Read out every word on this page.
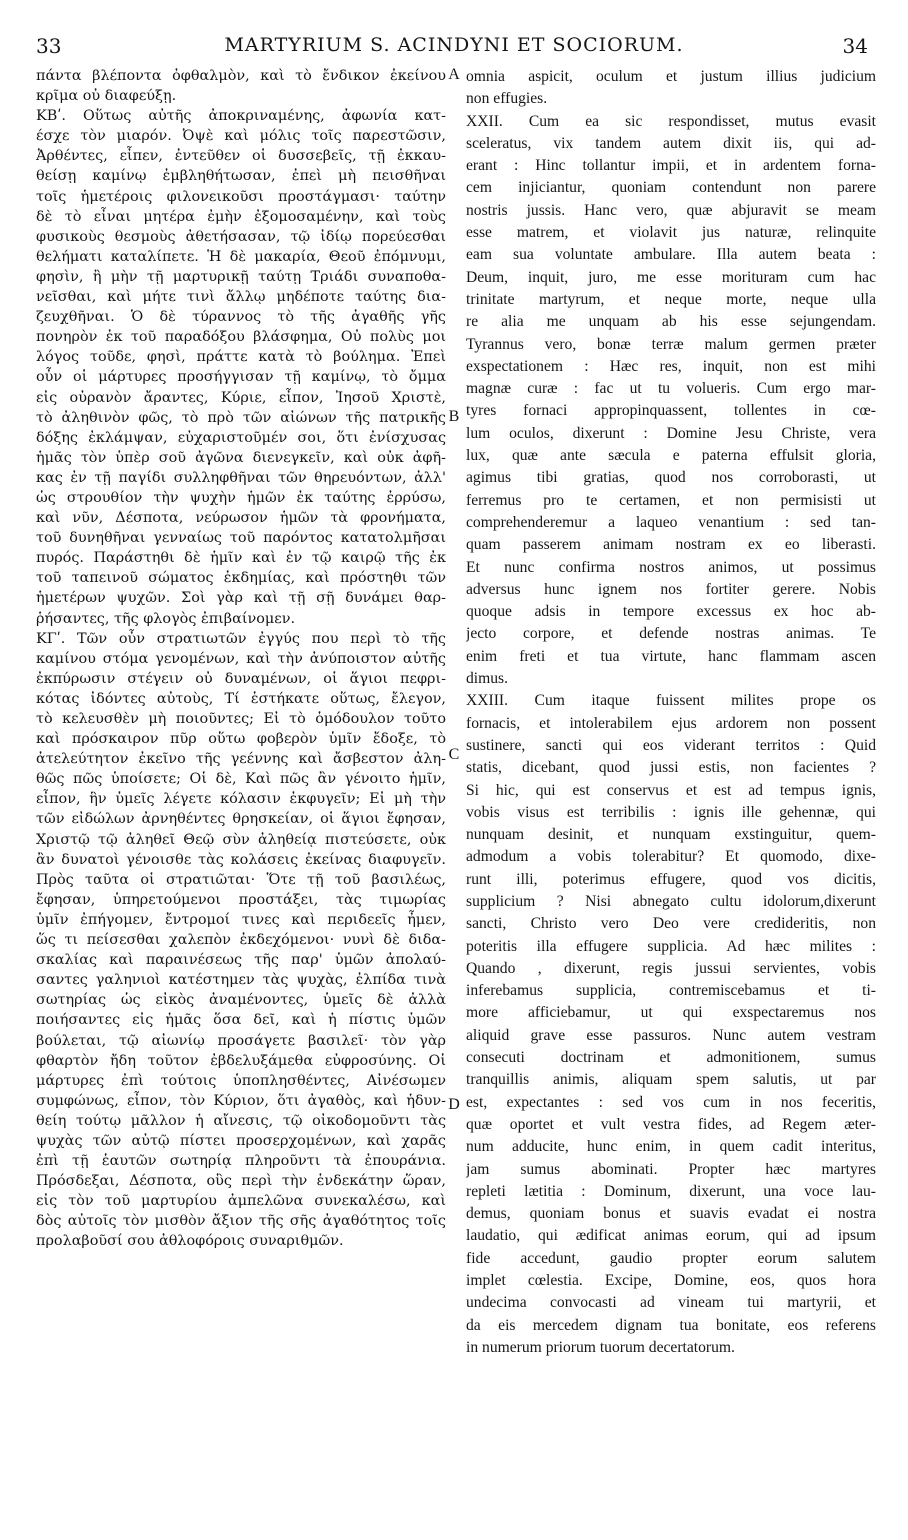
33	MARTYRIUM S. ACINDYNI ET SOCIORUM.	34
πάντα βλέποντα ὀφθαλμὸν, καὶ τὸ ἔνδικον ἐκείνου
κρῖμα οὐ διαφεύξῃ.
ΚΒʹ. Οὕτως αὐτῆς ἀποκριναμένης, ἀφωνία κατ-
έσχε τὸν μιαρόν. Ὀψὲ καὶ μόλις τοῖς παρεστῶσιν,
Ἀρθέντες, εἶπεν, ἐντεῦθεν οἱ δυσσεβεῖς, τῇ ἐκκαυ-
θείσῃ καμίνῳ ἐμβληθήτωσαν, ἐπεὶ μὴ πεισθῆναι
τοῖς ἡμετέροις φιλονεικοῦσι προστάγμασι· ταύτην
δὲ τὸ εἶναι μητέρα ἐμὴν ἐξομοσαμένην, καὶ τοὺς
φυσικοὺς θεσμοὺς ἀθετήσασαν, τῷ ἰδίῳ πορεύεσθαι
θελήματι καταλίπετε. Ἡ δὲ μακαρία, Θεοῦ ἐπόμνυμι,
φησὶν, ἢ μὴν τῇ μαρτυρικῇ ταύτῃ Τριάδι συναποθα-
νεῖσθαι, καὶ μήτε τινὶ ἄλλῳ μηδέποτε ταύτης δια-
ζευχθῆναι. Ὁ δὲ τύραννος τὸ τῆς ἀγαθῆς γῆς
πονηρὸν ἐκ τοῦ παραδόξου βλάσφημα, Οὐ πολὺς μοι
λόγος τοῦδε, φησὶ, πράττε κατὰ τὸ βούλημα. Ἐπεὶ
οὖν οἱ μάρτυρες προσήγγισαν τῇ καμίνῳ, τὸ ὄμμα
εἰς οὐρανὸν ἄραντες, Κύριε, εἶπον, Ἰησοῦ Χριστὲ,
τὸ ἀληθινὸν φῶς, τὸ πρὸ τῶν αἰώνων τῆς πατρικῆς
δόξης ἐκλάμψαν, εὐχαριστοῦμέν σοι, ὅτι ἐνίσχυσας
ἡμᾶς τὸν ὑπὲρ σοῦ ἀγῶνα διενεγκεῖν, καὶ οὐκ ἀφῆ-
κας ἐν τῇ παγίδι συλληφθῆναι τῶν θηρευόντων, ἀλλ'
ὡς στρουθίον τὴν ψυχὴν ἡμῶν ἐκ ταύτης ἐρρύσω,
καὶ νῦν, Δέσποτα, νεύρωσον ἡμῶν τὰ φρονήματα,
τοῦ δυνηθῆναι γενναίως τοῦ παρόντος κατατολμῆσαι
πυρός. Παράστηθι δὲ ἡμῖν καὶ ἐν τῷ καιρῷ τῆς ἐκ
τοῦ ταπεινοῦ σώματος ἐκδημίας, καὶ πρόστηθι τῶν
ἡμετέρων ψυχῶν. Σοὶ γὰρ καὶ τῇ σῇ δυνάμει θαρ-
ῥήσαντες, τῆς φλογὸς ἐπιβαίνομεν.
ΚΓʹ. Τῶν οὖν στρατιωτῶν ἐγγύς που περὶ τὸ τῆς
καμίνου στόμα γενομένων, καὶ τὴν ἀνύποιστον αὐτῆς
ἐκπύρωσιν στέγειν οὐ δυναμένων, οἱ ἅγιοι πεφρι-
κότας ἰδόντες αὐτοὺς, Τί ἑστήκατε οὕτως, ἔλεγον,
τὸ κελευσθὲν μὴ ποιοῦντες; Εἰ τὸ ὁμόδουλον τοῦτο
καὶ πρόσκαιρον πῦρ οὕτω φοβερὸν ὑμῖν ἔδοξε, τὸ
ἀτελεύτητον ἐκεῖνο τῆς γεέννης καὶ ἄσβεστον ἀλη-
θῶς πῶς ὑποίσετε; Οἱ δὲ, Καὶ πῶς ἂν γένοιτο ἡμῖν,
εἶπον, ἣν ὑμεῖς λέγετε κόλασιν ἐκφυγεῖν; Εἰ μὴ τὴν
τῶν εἰδώλων ἀρνηθέντες θρησκείαν, οἱ ἅγιοι ἔφησαν,
Χριστῷ τῷ ἀληθεῖ Θεῷ σὺν ἀληθείᾳ πιστεύσετε, οὐκ
ἂν δυνατοὶ γένοισθε τὰς κολάσεις ἐκείνας διαφυγεῖν.
Πρὸς ταῦτα οἱ στρατιῶται· Ὅτε τῇ τοῦ βασιλέως,
ἔφησαν, ὑπηρετούμενοι προστάξει, τὰς τιμωρίας
ὑμῖν ἐπήγομεν, ἔντρομοί τινες καὶ περιδεεῖς ἦμεν,
ὥς τι πείσεσθαι χαλεπὸν ἐκδεχόμενοι· νυνὶ δὲ διδα-
σκαλίας καὶ παραινέσεως τῆς παρ' ὑμῶν ἀπολαύ-
σαντες γαληνιοὶ κατέστημεν τὰς ψυχὰς, ἐλπίδα τινὰ
σωτηρίας ὡς εἰκὸς ἀναμένοντες, ὑμεῖς δὲ ἀλλὰ
ποιήσαντες εἰς ἡμᾶς ὅσα δεῖ, καὶ ἡ πίστις ὑμῶν
βούλεται, τῷ αἰωνίῳ προσάγετε βασιλεῖ· τὸν γὰρ
φθαρτὸν ἤδη τοῦτον ἐβδελυξάμεθα εὐφροσύνης. Οἱ
μάρτυρες ἐπὶ τούτοις ὑποπλησθέντες, Αἰνέσωμεν
συμφώνως, εἶπον, τὸν Κύριον, ὅτι ἀγαθὸς, καὶ ἡδυν-
θείη τούτῳ μᾶλλον ἡ αἴνεσις, τῷ οἰκοδομοῦντι τὰς
ψυχὰς τῶν αὐτῷ πίστει προσερχομένων, καὶ χαρᾶς
ἐπὶ τῇ ἑαυτῶν σωτηρίᾳ πληροῦντι τὰ ἐπουράνια.
Πρόσδεξαι, Δέσποτα, οὓς περὶ τὴν ἑνδεκάτην ὥραν,
εἰς τὸν τοῦ μαρτυρίου ἀμπελῶνα συνεκαλέσω, καὶ
δὸς αὐτοῖς τὸν μισθὸν ἄξιον τῆς σῆς ἀγαθότητος τοῖς
προλαβοῦσί σου ἀθλοφόροις συναριθμῶν.
A
B
C
D
omnia aspicit, oculum et justum illius judicium
non effugies.
XXII. Cum ea sic respondisset, mutus evasit
sceleratus, vix tandem autem dixit iis, qui ad-
erant : Hinc tollantur impii, et in ardentem forna-
cem injiciantur, quoniam contendunt non parere
nostris jussis. Hanc vero, quæ abjuravit se meam
esse matrem, et violavit jus naturæ, relinquite
eam sua voluntate ambulare. Illa autem beata :
Deum, inquit, juro, me esse morituram cum hac
trinitate martyrum, et neque morte, neque ulla
re alia me unquam ab his esse sejungendam.
Tyrannus vero, bonæ terræ malum germen præter
exspectationem : Hæc res, inquit, non est mihi
magnæ curæ : fac ut tu volueris. Cum ergo mar-
tyres fornaci appropinquassent, tollentes in cœ-
lum oculos, dixerunt : Domine Jesu Christe, vera
lux, quæ ante sæcula e paterna effulsit gloria,
agimus tibi gratias, quod nos corroborasti, ut
ferremus pro te certamen, et non permisisti ut
comprehenderemur a laqueo venantium : sed tan-
quam passerem animam nostram ex eo liberasti.
Et nunc confirma nostros animos, ut possimus
adversus hunc ignem nos fortiter gerere. Nobis
quoque adsis in tempore excessus ex hoc ab-
jecto corpore, et defende nostras animas. Te
enim freti et tua virtute, hanc flammam ascen
dimus.
XXIII. Cum itaque fuissent milites prope os
fornacis, et intolerabilem ejus ardorem non possent
sustinere, sancti qui eos viderant territos : Quid
statis, dicebant, quod jussi estis, non facientes ?
Si hic, qui est conservus et est ad tempus ignis,
vobis visus est terribilis : ignis ille gehennæ, qui
nunquam desinit, et nunquam exstinguitur, quem-
admodum a vobis tolerabitur? Et quomodo, dixe-
runt illi, poterimus effugere, quod vos dicitis,
supplicium ? Nisi abnegato cultu idolorum,dixerunt
sancti, Christo vero Deo vere credideritis, non
poteritis illa effugere supplicia. Ad hæc milites :
Quando , dixerunt, regis jussui servientes, vobis
inferebamus supplicia, contremiscebamus et ti-
more afficiebamur, ut qui exspectaremus nos
aliquid grave esse passuros. Nunc autem vestram
consecuti doctrinam et admonitionem, sumus
tranquillis animis, aliquam spem salutis, ut par
est, expectantes : sed vos cum in nos feceritis,
quæ oportet et vult vestra fides, ad Regem æter-
num adducite, hunc enim, in quem cadit interitus,
jam sumus abominati. Propter hæc martyres
repleti lætitia : Dominum, dixerunt, una voce lau-
demus, quoniam bonus et suavis evadat ei nostra
laudatio, qui ædificat animas eorum, qui ad ipsum
fide accedunt, gaudio propter eorum salutem
implet cœlestia. Excipe, Domine, eos, quos hora
undecima convocasti ad vineam tui martyrii, et
da eis mercedem dignam tua bonitate, eos referens
in numerum priorum tuorum decertatorum.
